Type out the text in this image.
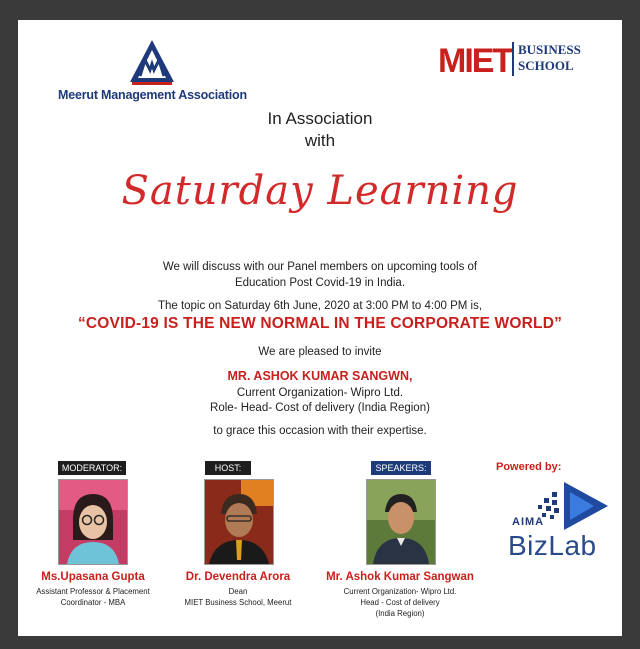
Meerut Management Association
MIET BUSINESS
SCHOOL
In Association
with
Saturday Learning
We will discuss with our Panel members on upcoming tools of
Education Post Covid-19 in India.
The topic on Saturday 6th June, 2020 at 3:00 PM to 4:00 PM is,
“COVID-19 IS THE NEW NORMAL IN THE CORPORATE WORLD”
We are pleased to invite
MR. ASHOK KUMAR SANGWN,
Current Organization- Wipro Ltd.
Role- Head- Cost of delivery (India Region)
to grace this occasion with their expertise.
MODERATOR:
Ms.Upasana Gupta
Assistant Professor & Placement
Coordinator - MBA
HOST:
Dr. Devendra Arora
Dean
MIET Business School, Meerut
SPEAKERS:
Mr. Ashok Kumar Sangwan
Current Organization- Wipro Ltd.
Head - Cost of delivery
(India Region)
Powered by:
AIMA
BizLab
